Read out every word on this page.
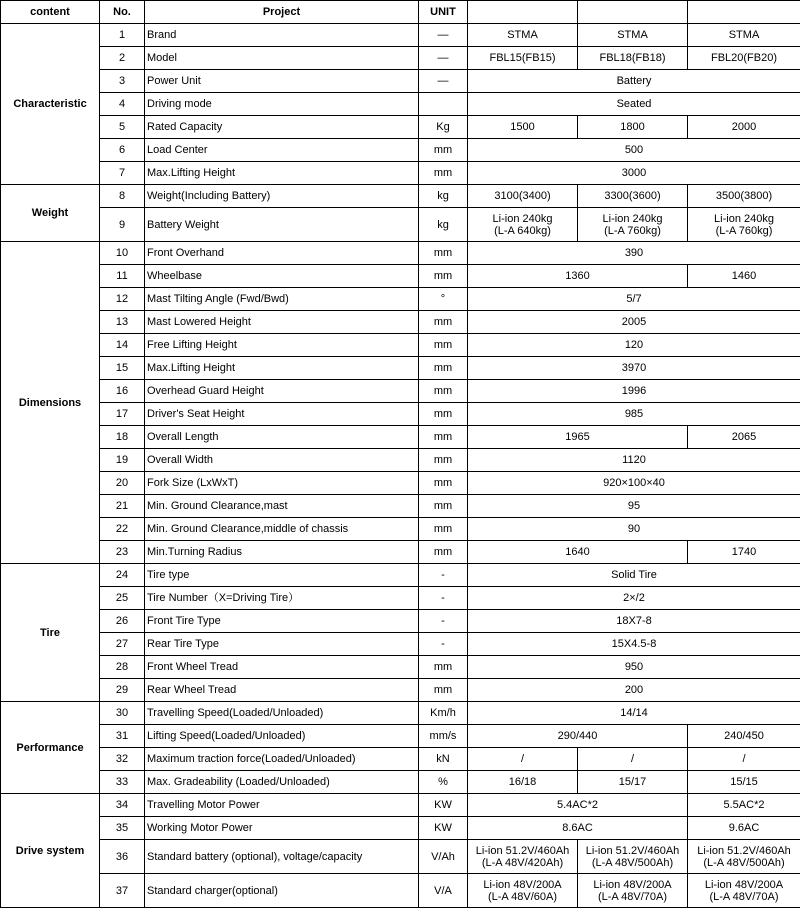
content	No.	Project	UNIT			
Characteristic	1	Brand	—	STMA	STMA	STMA
	2	Model	—	FBL15(FB15)	FBL18(FB18)	FBL20(FB20)
	3	Power Unit	—	Battery		
	4	Driving mode		Seated		
	5	Rated Capacity	Kg	1500	1800	2000
	6	Load Center	mm	500		
	7	Max.Lifting Height	mm	3000		
Weight	8	Weight(Including Battery)	kg	3100(3400)	3300(3600)	3500(3800)
	9	Battery Weight	kg	Li-ion 240kg
(L-A 640kg)	Li-ion 240kg
(L-A 760kg)	Li-ion 240kg
(L-A 760kg)
Dimensions	10	Front Overhand	mm	390		
	11	Wheelbase	mm	1360		1460
	12	Mast Tilting Angle (Fwd/Bwd)	°	5/7		
	13	Mast Lowered Height	mm	2005		
	14	Free Lifting Height	mm	120		
	15	Max.Lifting Height	mm	3970		
	16	Overhead Guard Height	mm	1996		
	17	Driver's Seat Height	mm	985		
	18	Overall Length	mm	1965		2065
	19	Overall Width	mm	1120		
	20	Fork Size (LxWxT)	mm	920×100×40		
	21	Min. Ground Clearance,mast	mm	95		
	22	Min. Ground Clearance,middle of chassis	mm	90		
	23	Min.Turning Radius	mm	1640		1740
Tire	24	Tire type	-	Solid Tire		
	25	Tire Number（X=Driving Tire）	-	2×/2		
	26	Front Tire Type	-	18X7-8		
	27	Rear Tire Type	-	15X4.5-8		
	28	Front Wheel Tread	mm	950		
	29	Rear Wheel Tread	mm	200		
Performance	30	Travelling Speed(Loaded/Unloaded)	Km/h	14/14		
	31	Lifting Speed(Loaded/Unloaded)	mm/s	290/440		240/450
	32	Maximum traction force(Loaded/Unloaded)	kN	/	/	/
	33	Max. Gradeability (Loaded/Unloaded)	%	16/18	15/17	15/15
Drive system	34	Travelling Motor Power	KW	5.4AC*2		5.5AC*2
	35	Working Motor Power	KW	8.6AC		9.6AC
	36	Standard battery (optional), voltage/capacity	V/Ah	Li-ion 51.2V/460Ah
(L-A 48V/420Ah)	Li-ion 51.2V/460Ah
(L-A 48V/500Ah)	Li-ion 51.2V/460Ah
(L-A 48V/500Ah)
	37	Standard charger(optional)	V/A	Li-ion 48V/200A
(L-A 48V/60A)	Li-ion 48V/200A
(L-A 48V/70A)	Li-ion 48V/200A
(L-A 48V/70A)
